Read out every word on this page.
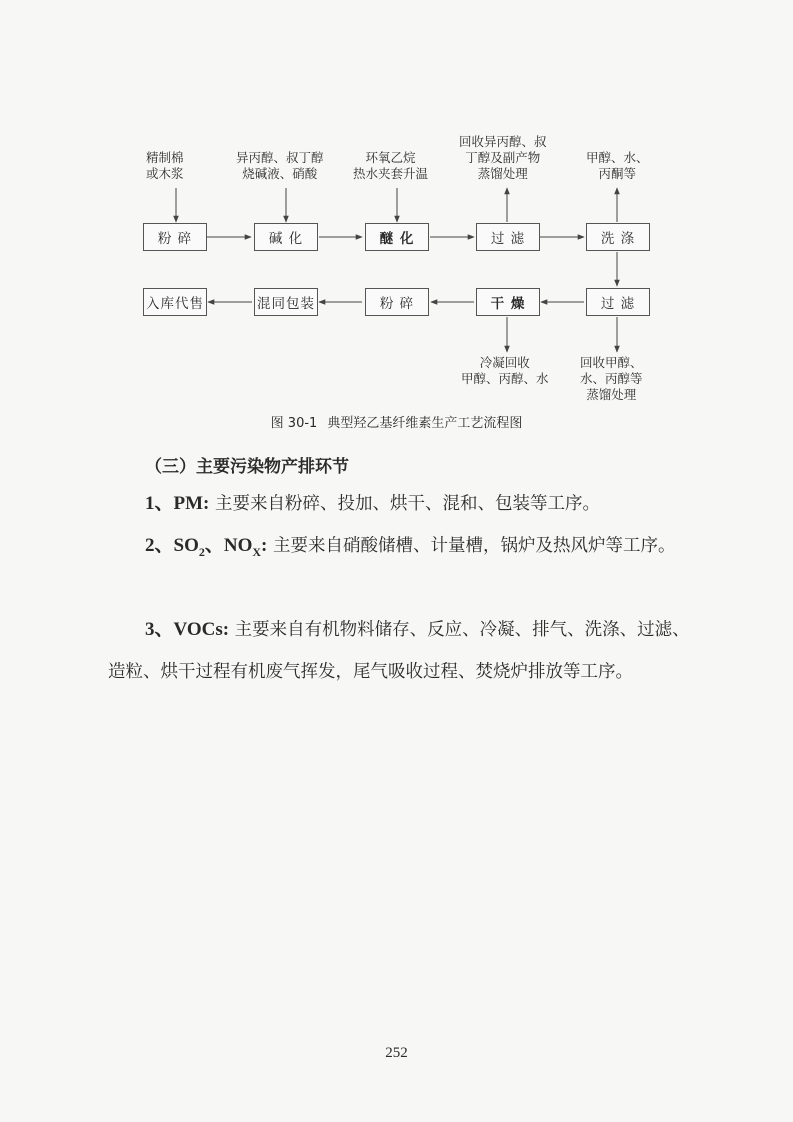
粉 碎	碱 化	醚 化	过 滤	洗 涤
过 滤
干 燥
粉 碎
混同包装
入库代售
精制棉
或木浆
异丙醇、叔丁醇
烧碱液、硝酸
环氧乙烷
热水夹套升温
回收异丙醇、叔
丁醇及副产物
蒸馏处理
甲醇、水、
丙酮等
冷凝回收
甲醇、丙醇、水
回收甲醇、
水、丙醇等
蒸馏处理
图 30-1 典型羟乙基纤维素生产工艺流程图
（三）主要污染物产排环节
1、PM: 主要来自粉碎、投加、烘干、混和、包装等工序。
2、$SO_2$、$NO_X$: 主要来自硝酸储槽、计量槽，锅炉及热风炉等工序。
3、VOCs: 主要来自有机物料储存、反应、冷凝、排气、洗涤、过滤、造粒、烘干过程有机废气挥发，尾气吸收过程、焚烧炉排放等工序。
252
